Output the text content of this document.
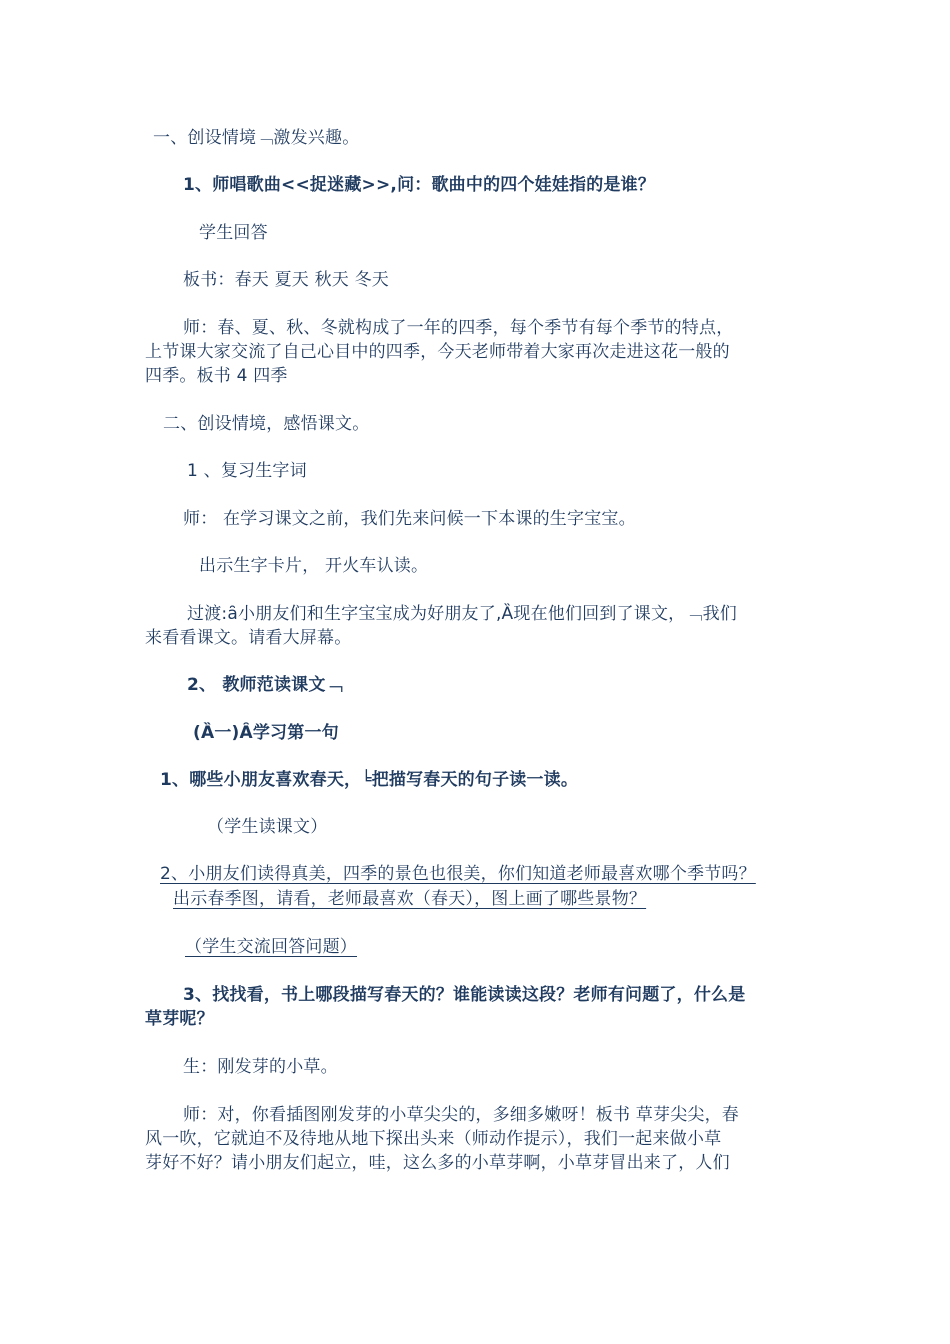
一、创设情境﹁激发兴趣。
1、师唱歌曲<<捉迷藏>>,问：歌曲中的四个娃娃指的是谁？
学生回答
板书：春天 夏天 秋天 冬天
师：春、夏、秋、冬就构成了一年的四季，每个季节有每个季节的特点，
上节课大家交流了自己心目中的四季，今天老师带着大家再次走进这花一般的
四季。板书 4 四季
二、创设情境，感悟课文。
1 、复习生字词
师： 在学习课文之前，我们先来问候一下本课的生字宝宝。
出示生字卡片， 开火车认读。
过渡:ȃ小朋友们和生字宝宝成为好朋友了,Ȁ现在他们回到了课文，﹁我们
来看看课文。请看大屏幕。
2、 教师范读课文﹁
(Ȁ一)Ȃ学习第一句
1、哪些小朋友喜欢春天，╘把描写春天的句子读一读。
（学生读课文）
2、小朋友们读得真美，四季的景色也很美，你们知道老师最喜欢哪个季节吗？
出示春季图，请看，老师最喜欢（春天），图上画了哪些景物？
（学生交流回答问题）
3、找找看，书上哪段描写春天的？谁能读读这段？老师有问题了，什么是
草芽呢？
生：刚发芽的小草。
师：对，你看插图刚发芽的小草尖尖的，多细多嫩呀！板书 草芽尖尖，春
风一吹，它就迫不及待地从地下探出头来（师动作提示），我们一起来做小草
芽好不好？请小朋友们起立，哇，这么多的小草芽啊，小草芽冒出来了，人们
